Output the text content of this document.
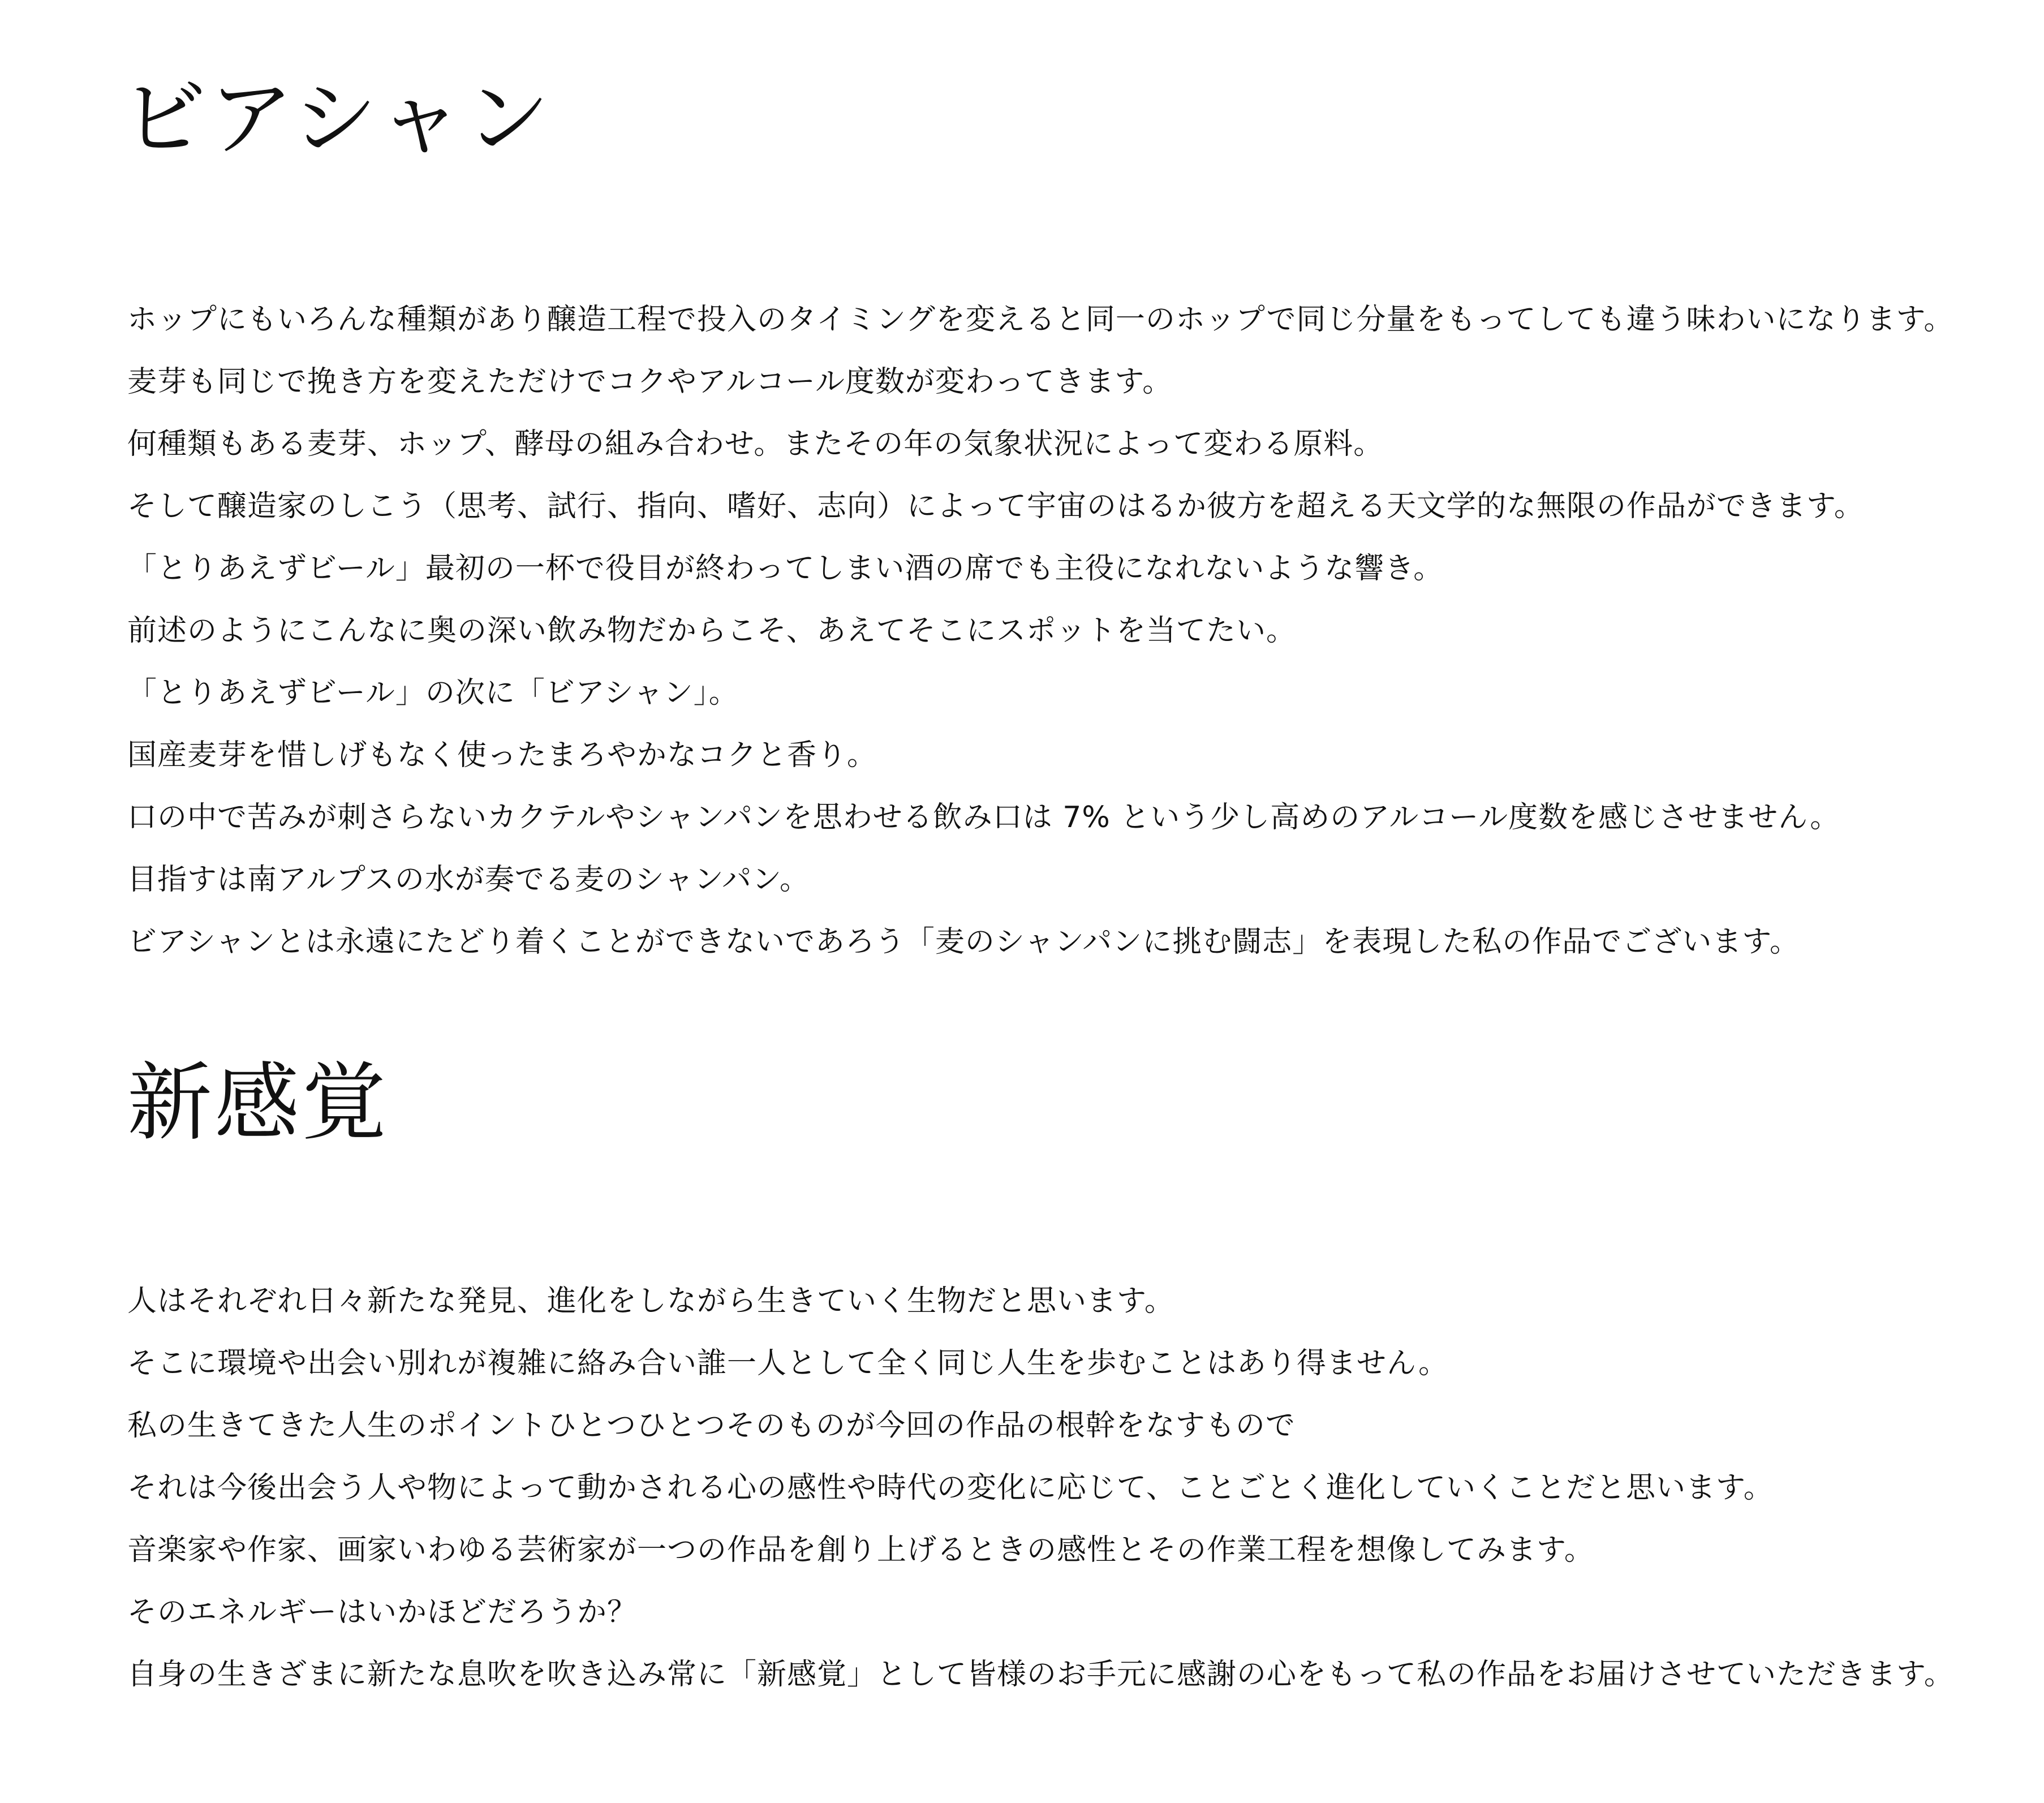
ビアシャン
ホップにもいろんな種類があり醸造工程で投入のタイミングを変えると同一のホップで同じ分量をもってしても違う味わいになります。
麦芽も同じで挽き方を変えただけでコクやアルコール度数が変わってきます。
何種類もある麦芽、ホップ、酵母の組み合わせ。またその年の気象状況によって変わる原料。
そして醸造家のしこう（思考、試行、指向、嗜好、志向）によって宇宙のはるか彼方を超える天文学的な無限の作品ができます。
「とりあえずビール」最初の一杯で役目が終わってしまい酒の席でも主役になれないような響き。
前述のようにこんなに奥の深い飲み物だからこそ、あえてそこにスポットを当てたい。
「とりあえずビール」の次に「ビアシャン」。
国産麦芽を惜しげもなく使ったまろやかなコクと香り。
口の中で苦みが刺さらないカクテルやシャンパンを思わせる飲み口は 7% という少し高めのアルコール度数を感じさせません。
目指すは南アルプスの水が奏でる麦のシャンパン。
ビアシャンとは永遠にたどり着くことができないであろう「麦のシャンパンに挑む闘志」を表現した私の作品でございます。
新感覚
人はそれぞれ日々新たな発見、進化をしながら生きていく生物だと思います。
そこに環境や出会い別れが複雑に絡み合い誰一人として全く同じ人生を歩むことはあり得ません。
私の生きてきた人生のポイントひとつひとつそのものが今回の作品の根幹をなすもので
それは今後出会う人や物によって動かされる心の感性や時代の変化に応じて、ことごとく進化していくことだと思います。
音楽家や作家、画家いわゆる芸術家が一つの作品を創り上げるときの感性とその作業工程を想像してみます。
そのエネルギーはいかほどだろうか？
自身の生きざまに新たな息吹を吹き込み常に「新感覚」として皆様のお手元に感謝の心をもって私の作品をお届けさせていただきます。
